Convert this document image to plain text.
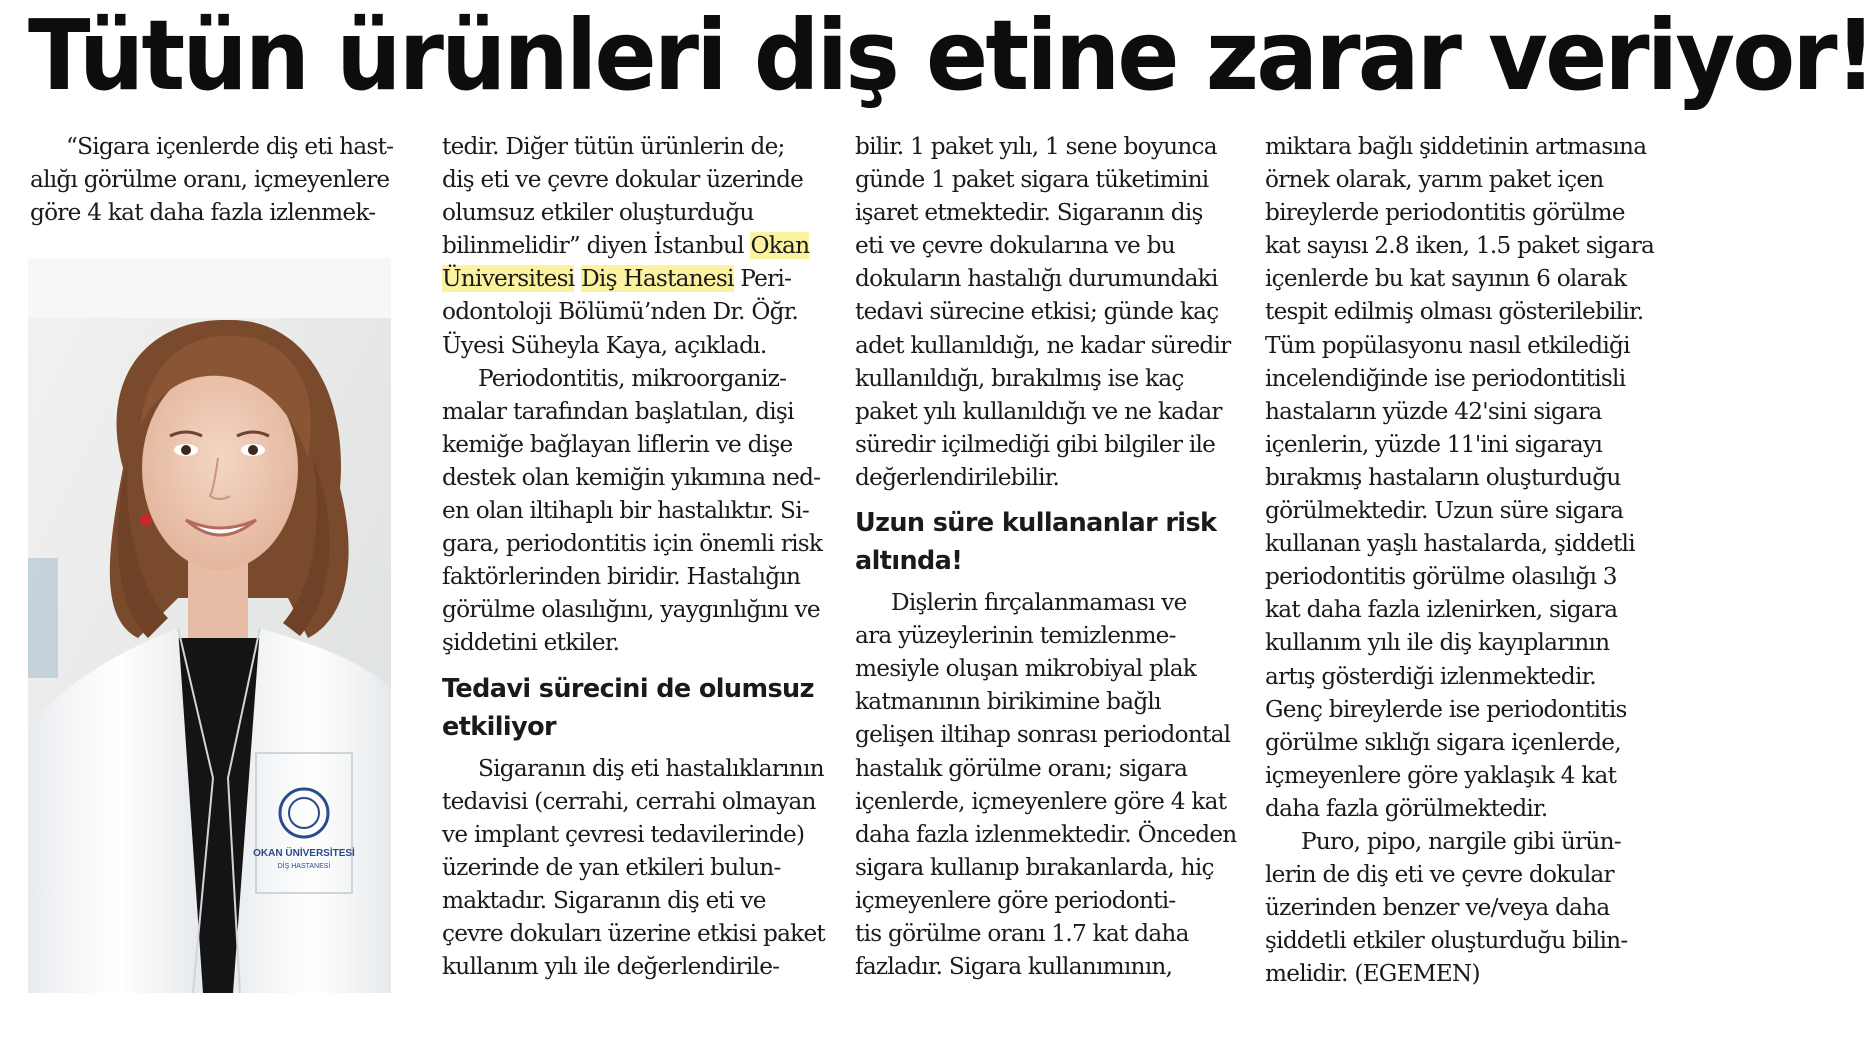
Tütün ürünleri diş etine zarar veriyor!
“Sigara içenlerde diş eti hast-
alığı görülme oranı, içmeyenlere
göre 4 kat daha fazla izlenmek-
OKAN ÜNİVERSİTESİ
DİŞ HASTANESİ
tedir. Diğer tütün ürünlerin de;
diş eti ve çevre dokular üzerinde
olumsuz etkiler oluşturduğu
bilinmelidir” diyen İstanbul Okan
Üniversitesi Diş Hastanesi Peri-
odontoloji Bölümü’nden Dr. Öğr.
Üyesi Süheyla Kaya, açıkladı.
Periodontitis, mikroorganiz-
malar tarafından başlatılan, dişi
kemiğe bağlayan liflerin ve dişe
destek olan kemiğin yıkımına ned-
en olan iltihaplı bir hastalıktır. Si-
gara, periodontitis için önemli risk
faktörlerinden biridir. Hastalığın
görülme olasılığını, yaygınlığını ve
şiddetini etkiler.
Tedavi sürecini de olumsuz
etkiliyor
Sigaranın diş eti hastalıklarının
tedavisi (cerrahi, cerrahi olmayan
ve implant çevresi tedavilerinde)
üzerinde de yan etkileri bulun-
maktadır. Sigaranın diş eti ve
çevre dokuları üzerine etkisi paket
kullanım yılı ile değerlendirile-
bilir. 1 paket yılı, 1 sene boyunca
günde 1 paket sigara tüketimini
işaret etmektedir. Sigaranın diş
eti ve çevre dokularına ve bu
dokuların hastalığı durumundaki
tedavi sürecine etkisi; günde kaç
adet kullanıldığı, ne kadar süredir
kullanıldığı, bırakılmış ise kaç
paket yılı kullanıldığı ve ne kadar
süredir içilmediği gibi bilgiler ile
değerlendirilebilir.
Uzun süre kullananlar risk
altında!
Dişlerin fırçalanmaması ve
ara yüzeylerinin temizlenme-
mesiyle oluşan mikrobiyal plak
katmanının birikimine bağlı
gelişen iltihap sonrası periodontal
hastalık görülme oranı; sigara
içenlerde, içmeyenlere göre 4 kat
daha fazla izlenmektedir. Önceden
sigara kullanıp bırakanlarda, hiç
içmeyenlere göre periodonti-
tis görülme oranı 1.7 kat daha
fazladır. Sigara kullanımının,
miktara bağlı şiddetinin artmasına
örnek olarak, yarım paket içen
bireylerde periodontitis görülme
kat sayısı 2.8 iken, 1.5 paket sigara
içenlerde bu kat sayının 6 olarak
tespit edilmiş olması gösterilebilir.
Tüm popülasyonu nasıl etkilediği
incelendiğinde ise periodontitisli
hastaların yüzde 42'sini sigara
içenlerin, yüzde 11'ini sigarayı
bırakmış hastaların oluşturduğu
görülmektedir. Uzun süre sigara
kullanan yaşlı hastalarda, şiddetli
periodontitis görülme olasılığı 3
kat daha fazla izlenirken, sigara
kullanım yılı ile diş kayıplarının
artış gösterdiği izlenmektedir.
Genç bireylerde ise periodontitis
görülme sıklığı sigara içenlerde,
içmeyenlere göre yaklaşık 4 kat
daha fazla görülmektedir.
Puro, pipo, nargile gibi ürün-
lerin de diş eti ve çevre dokular
üzerinden benzer ve/veya daha
şiddetli etkiler oluşturduğu bilin-
melidir. (EGEMEN)
